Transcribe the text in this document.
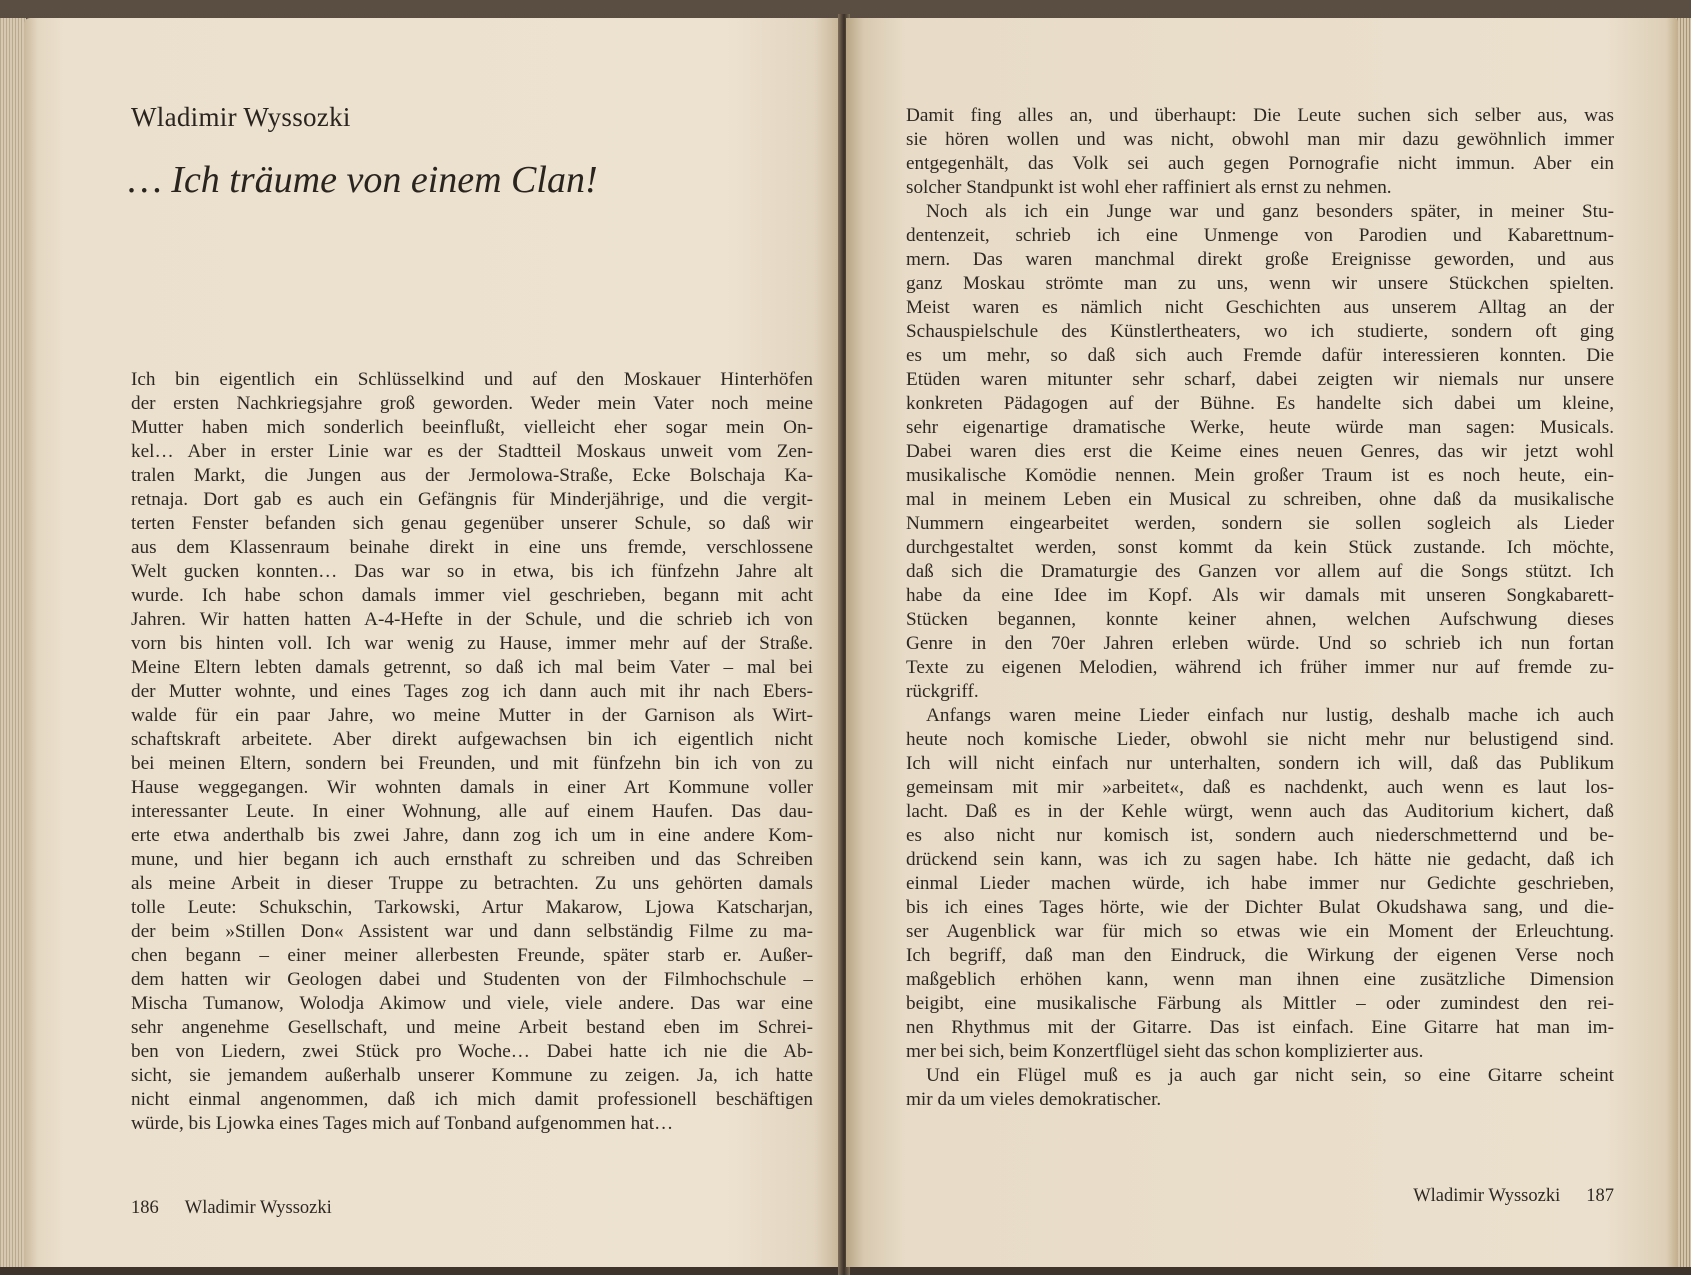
Wladimir Wyssozki
… Ich träume von einem Clan!
Ich bin eigentlich ein Schlüsselkind und auf den Moskauer Hinterhöfen
der ersten Nachkriegsjahre groß geworden. Weder mein Vater noch meine
Mutter haben mich sonderlich beeinflußt, vielleicht eher sogar mein On-
kel… Aber in erster Linie war es der Stadtteil Moskaus unweit vom Zen-
tralen Markt, die Jungen aus der Jermolowa-Straße, Ecke Bolschaja Ka-
retnaja. Dort gab es auch ein Gefängnis für Minderjährige, und die vergit-
terten Fenster befanden sich genau gegenüber unserer Schule, so daß wir
aus dem Klassenraum beinahe direkt in eine uns fremde, verschlossene
Welt gucken konnten… Das war so in etwa, bis ich fünfzehn Jahre alt
wurde. Ich habe schon damals immer viel geschrieben, begann mit acht
Jahren. Wir hatten hatten A-4-Hefte in der Schule, und die schrieb ich von
vorn bis hinten voll. Ich war wenig zu Hause, immer mehr auf der Straße.
Meine Eltern lebten damals getrennt, so daß ich mal beim Vater – mal bei
der Mutter wohnte, und eines Tages zog ich dann auch mit ihr nach Ebers-
walde für ein paar Jahre, wo meine Mutter in der Garnison als Wirt-
schaftskraft arbeitete. Aber direkt aufgewachsen bin ich eigentlich nicht
bei meinen Eltern, sondern bei Freunden, und mit fünfzehn bin ich von zu
Hause weggegangen. Wir wohnten damals in einer Art Kommune voller
interessanter Leute. In einer Wohnung, alle auf einem Haufen. Das dau-
erte etwa anderthalb bis zwei Jahre, dann zog ich um in eine andere Kom-
mune, und hier begann ich auch ernsthaft zu schreiben und das Schreiben
als meine Arbeit in dieser Truppe zu betrachten. Zu uns gehörten damals
tolle Leute: Schukschin, Tarkowski, Artur Makarow, Ljowa Katscharjan,
der beim »Stillen Don« Assistent war und dann selbständig Filme zu ma-
chen begann – einer meiner allerbesten Freunde, später starb er. Außer-
dem hatten wir Geologen dabei und Studenten von der Filmhochschule –
Mischa Tumanow, Wolodja Akimow und viele, viele andere. Das war eine
sehr angenehme Gesellschaft, und meine Arbeit bestand eben im Schrei-
ben von Liedern, zwei Stück pro Woche… Dabei hatte ich nie die Ab-
sicht, sie jemandem außerhalb unserer Kommune zu zeigen. Ja, ich hatte
nicht einmal angenommen, daß ich mich damit professionell beschäftigen
würde, bis Ljowka eines Tages mich auf Tonband aufgenommen hat…
186 Wladimir Wyssozki
Damit fing alles an, und überhaupt: Die Leute suchen sich selber aus, was
sie hören wollen und was nicht, obwohl man mir dazu gewöhnlich immer
entgegenhält, das Volk sei auch gegen Pornografie nicht immun. Aber ein
solcher Standpunkt ist wohl eher raffiniert als ernst zu nehmen.
Noch als ich ein Junge war und ganz besonders später, in meiner Stu-
dentenzeit, schrieb ich eine Unmenge von Parodien und Kabarettnum-
mern. Das waren manchmal direkt große Ereignisse geworden, und aus
ganz Moskau strömte man zu uns, wenn wir unsere Stückchen spielten.
Meist waren es nämlich nicht Geschichten aus unserem Alltag an der
Schauspielschule des Künstlertheaters, wo ich studierte, sondern oft ging
es um mehr, so daß sich auch Fremde dafür interessieren konnten. Die
Etüden waren mitunter sehr scharf, dabei zeigten wir niemals nur unsere
konkreten Pädagogen auf der Bühne. Es handelte sich dabei um kleine,
sehr eigenartige dramatische Werke, heute würde man sagen: Musicals.
Dabei waren dies erst die Keime eines neuen Genres, das wir jetzt wohl
musikalische Komödie nennen. Mein großer Traum ist es noch heute, ein-
mal in meinem Leben ein Musical zu schreiben, ohne daß da musikalische
Nummern eingearbeitet werden, sondern sie sollen sogleich als Lieder
durchgestaltet werden, sonst kommt da kein Stück zustande. Ich möchte,
daß sich die Dramaturgie des Ganzen vor allem auf die Songs stützt. Ich
habe da eine Idee im Kopf. Als wir damals mit unseren Songkabarett-
Stücken begannen, konnte keiner ahnen, welchen Aufschwung dieses
Genre in den 70er Jahren erleben würde. Und so schrieb ich nun fortan
Texte zu eigenen Melodien, während ich früher immer nur auf fremde zu-
rückgriff.
Anfangs waren meine Lieder einfach nur lustig, deshalb mache ich auch
heute noch komische Lieder, obwohl sie nicht mehr nur belustigend sind.
Ich will nicht einfach nur unterhalten, sondern ich will, daß das Publikum
gemeinsam mit mir »arbeitet«, daß es nachdenkt, auch wenn es laut los-
lacht. Daß es in der Kehle würgt, wenn auch das Auditorium kichert, daß
es also nicht nur komisch ist, sondern auch niederschmetternd und be-
drückend sein kann, was ich zu sagen habe. Ich hätte nie gedacht, daß ich
einmal Lieder machen würde, ich habe immer nur Gedichte geschrieben,
bis ich eines Tages hörte, wie der Dichter Bulat Okudshawa sang, und die-
ser Augenblick war für mich so etwas wie ein Moment der Erleuchtung.
Ich begriff, daß man den Eindruck, die Wirkung der eigenen Verse noch
maßgeblich erhöhen kann, wenn man ihnen eine zusätzliche Dimension
beigibt, eine musikalische Färbung als Mittler – oder zumindest den rei-
nen Rhythmus mit der Gitarre. Das ist einfach. Eine Gitarre hat man im-
mer bei sich, beim Konzertflügel sieht das schon komplizierter aus.
Und ein Flügel muß es ja auch gar nicht sein, so eine Gitarre scheint
mir da um vieles demokratischer.
Wladimir Wyssozki 187
